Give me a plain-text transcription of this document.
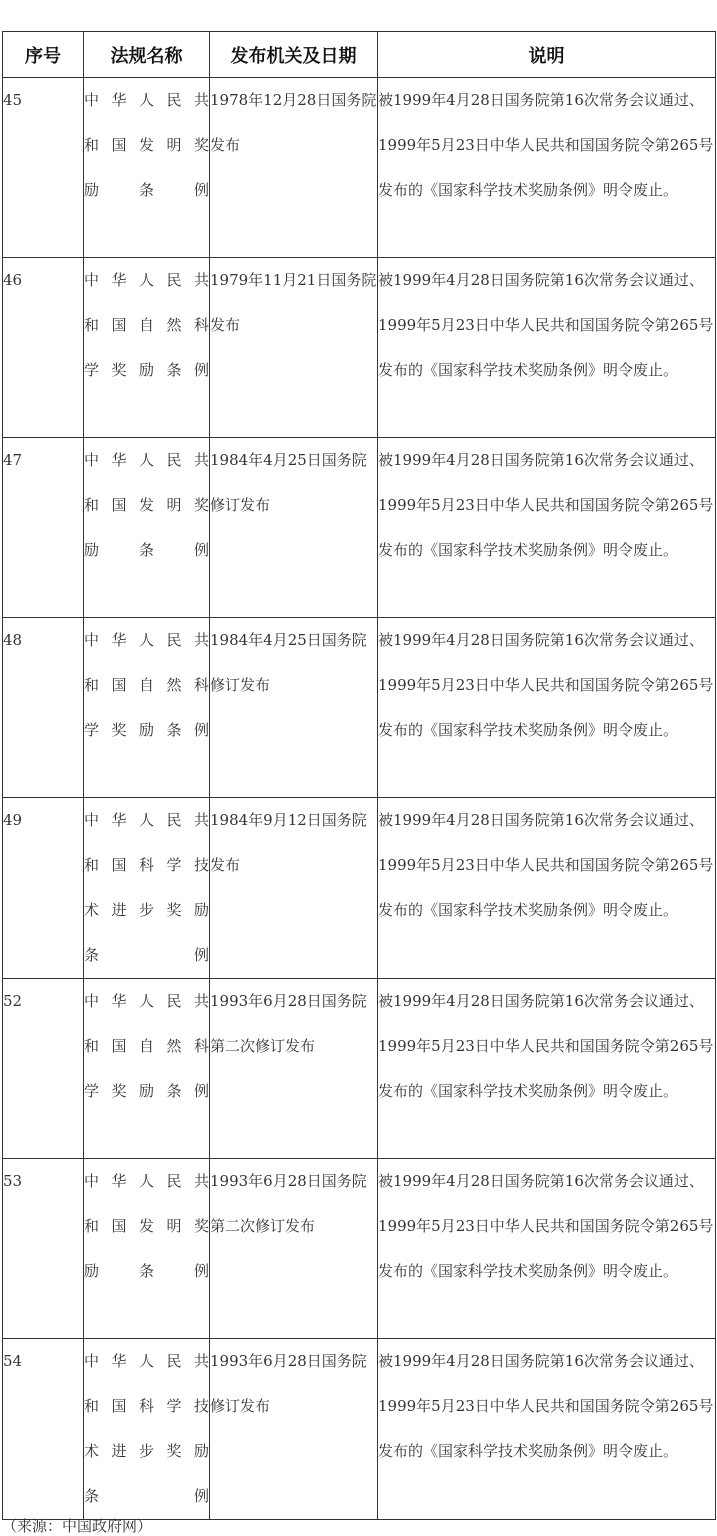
序号	法规名称	发布机关及日期	说明
45	中华人民共
和国发明奖
励条例	1978年12月28日国务院发布	被1999年4月28日国务院第16次常务会议通过、1999年5月23日中华人民共和国国务院令第265号发布的《国家科学技术奖励条例》明令废止。
46	中华人民共
和国自然科
学奖励条例	1979年11月21日国务院发布	被1999年4月28日国务院第16次常务会议通过、1999年5月23日中华人民共和国国务院令第265号发布的《国家科学技术奖励条例》明令废止。
47	中华人民共
和国发明奖
励条例	1984年4月25日国务院修订发布	被1999年4月28日国务院第16次常务会议通过、1999年5月23日中华人民共和国国务院令第265号发布的《国家科学技术奖励条例》明令废止。
48	中华人民共
和国自然科
学奖励条例	1984年4月25日国务院修订发布	被1999年4月28日国务院第16次常务会议通过、1999年5月23日中华人民共和国国务院令第265号发布的《国家科学技术奖励条例》明令废止。
49	中华人民共
和国科学技
术进步奖励
条例	1984年9月12日国务院发布	被1999年4月28日国务院第16次常务会议通过、1999年5月23日中华人民共和国国务院令第265号发布的《国家科学技术奖励条例》明令废止。
52	中华人民共
和国自然科
学奖励条例	1993年6月28日国务院第二次修订发布	被1999年4月28日国务院第16次常务会议通过、1999年5月23日中华人民共和国国务院令第265号发布的《国家科学技术奖励条例》明令废止。
53	中华人民共
和国发明奖
励条例	1993年6月28日国务院第二次修订发布	被1999年4月28日国务院第16次常务会议通过、1999年5月23日中华人民共和国国务院令第265号发布的《国家科学技术奖励条例》明令废止。
54	中华人民共
和国科学技
术进步奖励
条例	1993年6月28日国务院修订发布	被1999年4月28日国务院第16次常务会议通过、1999年5月23日中华人民共和国国务院令第265号发布的《国家科学技术奖励条例》明令废止。
（来源：中国政府网）
